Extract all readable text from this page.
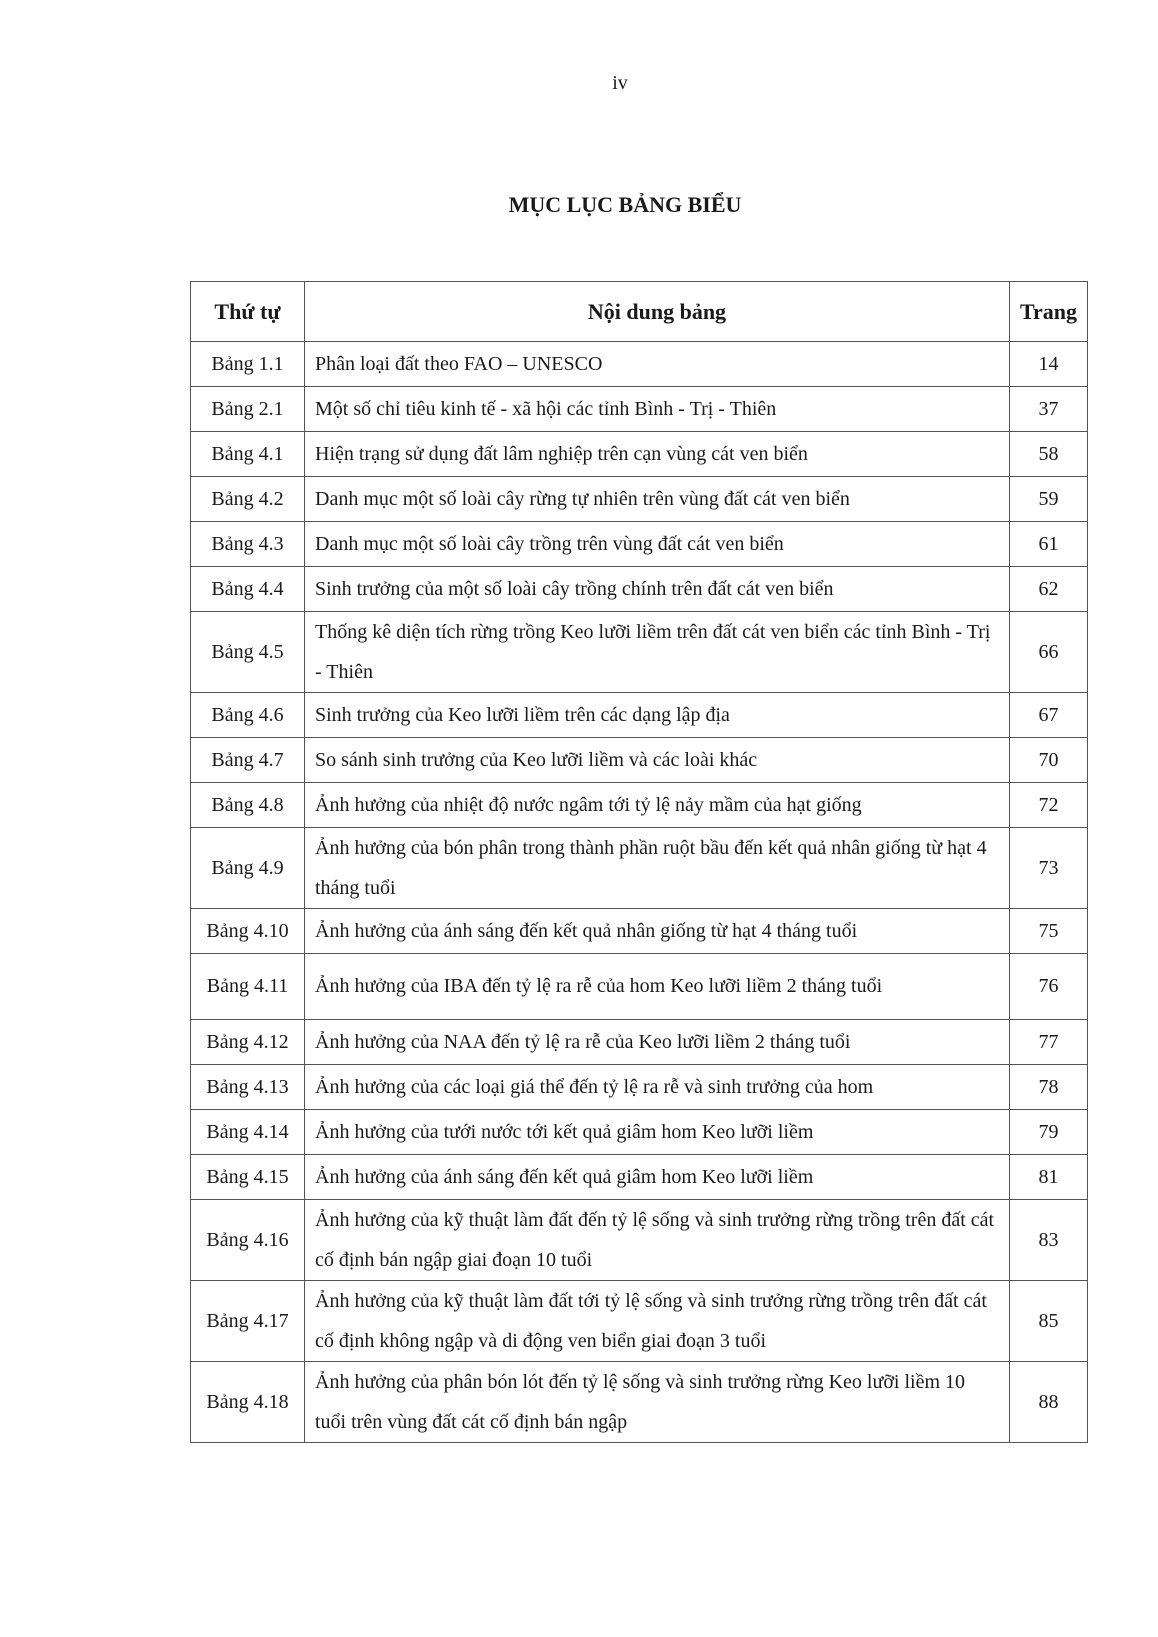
iv
MỤC LỤC BẢNG BIỂU
Thứ tự	Nội dung bảng	Trang
Bảng 1.1	Phân loại đất theo FAO – UNESCO	14
Bảng 2.1	Một số chỉ tiêu kinh tế - xã hội các tỉnh Bình - Trị - Thiên	37
Bảng 4.1	Hiện trạng sử dụng đất lâm nghiệp trên cạn vùng cát ven biển	58
Bảng 4.2	Danh mục một số loài cây rừng tự nhiên trên vùng đất cát ven biển	59
Bảng 4.3	Danh mục một số loài cây trồng trên vùng đất cát ven biển	61
Bảng 4.4	Sinh trưởng của một số loài cây trồng chính trên đất cát ven biển	62
Bảng 4.5	Thống kê diện tích rừng trồng Keo lưỡi liềm trên đất cát ven biển các tỉnh Bình - Trị - Thiên	66
Bảng 4.6	Sinh trưởng của Keo lưỡi liềm trên các dạng lập địa	67
Bảng 4.7	So sánh sinh trưởng của Keo lưỡi liềm và các loài khác	70
Bảng 4.8	Ảnh hưởng của nhiệt độ nước ngâm tới tỷ lệ nảy mầm của hạt giống	72
Bảng 4.9	Ảnh hưởng của bón phân trong thành phần ruột bầu đến kết quả nhân giống từ hạt 4 tháng tuổi	73
Bảng 4.10	Ảnh hưởng của ánh sáng đến kết quả nhân giống từ hạt 4 tháng tuổi	75
Bảng 4.11	Ảnh hưởng của IBA đến tỷ lệ ra rễ của hom Keo lưỡi liềm 2 tháng tuổi	76
Bảng 4.12	Ảnh hưởng của NAA đến tỷ lệ ra rễ của Keo lưỡi liềm 2 tháng tuổi	77
Bảng 4.13	Ảnh hưởng của các loại giá thể đến tỷ lệ ra rễ và sinh trưởng của hom	78
Bảng 4.14	Ảnh hưởng của tưới nước tới kết quả giâm hom Keo lưỡi liềm	79
Bảng 4.15	Ảnh hưởng của ánh sáng đến kết quả giâm hom Keo lưỡi liềm	81
Bảng 4.16	Ảnh hưởng của kỹ thuật làm đất đến tỷ lệ sống và sinh trưởng rừng trồng trên đất cát cố định bán ngập giai đoạn 10 tuổi	83
Bảng 4.17	Ảnh hưởng của kỹ thuật làm đất tới tỷ lệ sống và sinh trưởng rừng trồng trên đất cát cố định không ngập và di động ven biển giai đoạn 3 tuổi	85
Bảng 4.18	Ảnh hưởng của phân bón lót đến tỷ lệ sống và sinh trưởng rừng Keo lưỡi liềm 10 tuổi trên vùng đất cát cố định bán ngập	88
